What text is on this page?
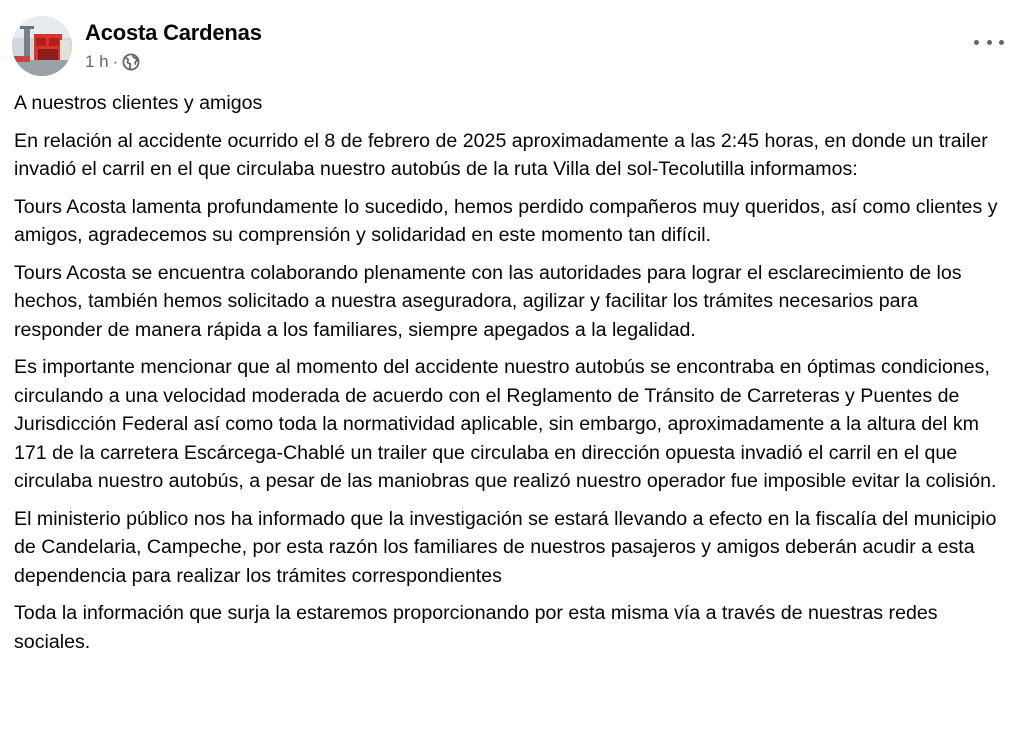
Acosta Cardenas
1 h ·

A nuestros clientes y amigos

En relación al accidente ocurrido el 8 de febrero de 2025 aproximadamente a las 2:45 horas, en donde un trailer invadió el carril en el que circulaba nuestro autobús de la ruta Villa del sol-Tecolutilla informamos:

Tours Acosta lamenta profundamente lo sucedido, hemos perdido compañeros muy queridos, así como clientes y amigos, agradecemos su comprensión y solidaridad en este momento tan difícil.

Tours Acosta se encuentra colaborando plenamente con las autoridades para lograr el esclarecimiento de los hechos, también hemos solicitado a nuestra aseguradora, agilizar y facilitar los trámites necesarios para responder de manera rápida a los familiares, siempre apegados a la legalidad.

Es importante mencionar que al momento del accidente nuestro autobús se encontraba en óptimas condiciones, circulando a una velocidad moderada de acuerdo con el Reglamento de Tránsito de Carreteras y Puentes de Jurisdicción Federal así como toda la normatividad aplicable, sin embargo, aproximadamente a la altura del km 171 de la carretera Escárcega-Chablé un trailer que circulaba en dirección opuesta invadió el carril en el que circulaba nuestro autobús, a pesar de las maniobras que realizó nuestro operador fue imposible evitar la colisión.

El ministerio público nos ha informado que la investigación se estará llevando a efecto en la fiscalía del municipio de Candelaria, Campeche, por esta razón los familiares de nuestros pasajeros y amigos deberán acudir a esta dependencia para realizar los trámites correspondientes

Toda la información que surja la estaremos proporcionando por esta misma vía a través de nuestras redes sociales.
